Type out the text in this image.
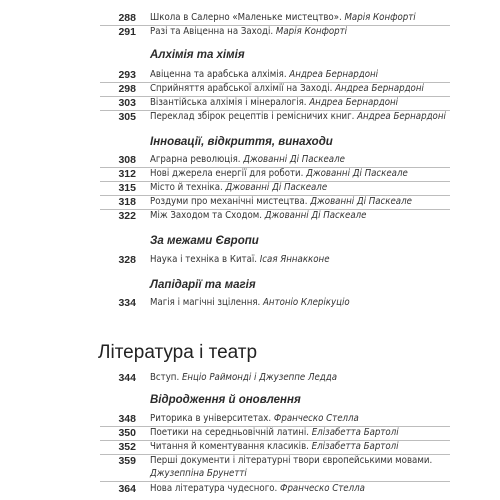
288 Школа в Салерно «Маленьке мистецтво». Марія Конфорті
291 Разі та Авіценна на Заході. Марія Конфорті
Алхімія та хімія
293 Авіценна та арабська алхімія. Андреа Бернардоні
298 Сприйняття арабської алхімії на Заході. Андреа Бернардоні
303 Візантійська алхімія і мінералогія. Андреа Бернардоні
305 Переклад збірок рецептів і ремісничих книг. Андреа Бернардоні
Інновації, відкриття, винаходи
308 Аграрна революція. Джованні Ді Паскеале
312 Нові джерела енергії для роботи. Джованні Ді Паскеале
315 Місто й техніка. Джованні Ді Паскеале
318 Роздуми про механічні мистецтва. Джованні Ді Паскеале
322 Між Заходом та Сходом. Джованні Ді Паскеале
За межами Європи
328 Наука і техніка в Китаї. Ісая Яннакконе
Лапідарії та магія
334 Магія і магічні зцілення. Антоніо Клерікуціо
Література і театр
344 Вступ. Енціо Раймонді і Джузеппе Ледда
Відродження й оновлення
348 Риторика в університетах. Франческо Стелла
350 Поетики на середньовічній латині. Елізабетта Бартолі
352 Читання й коментування класиків. Елізабетта Бартолі
359 Перші документи і літературні твори європейськими мовами. Джузеппіна Брунетті
364 Нова література чудесного. Франческо Стелла
